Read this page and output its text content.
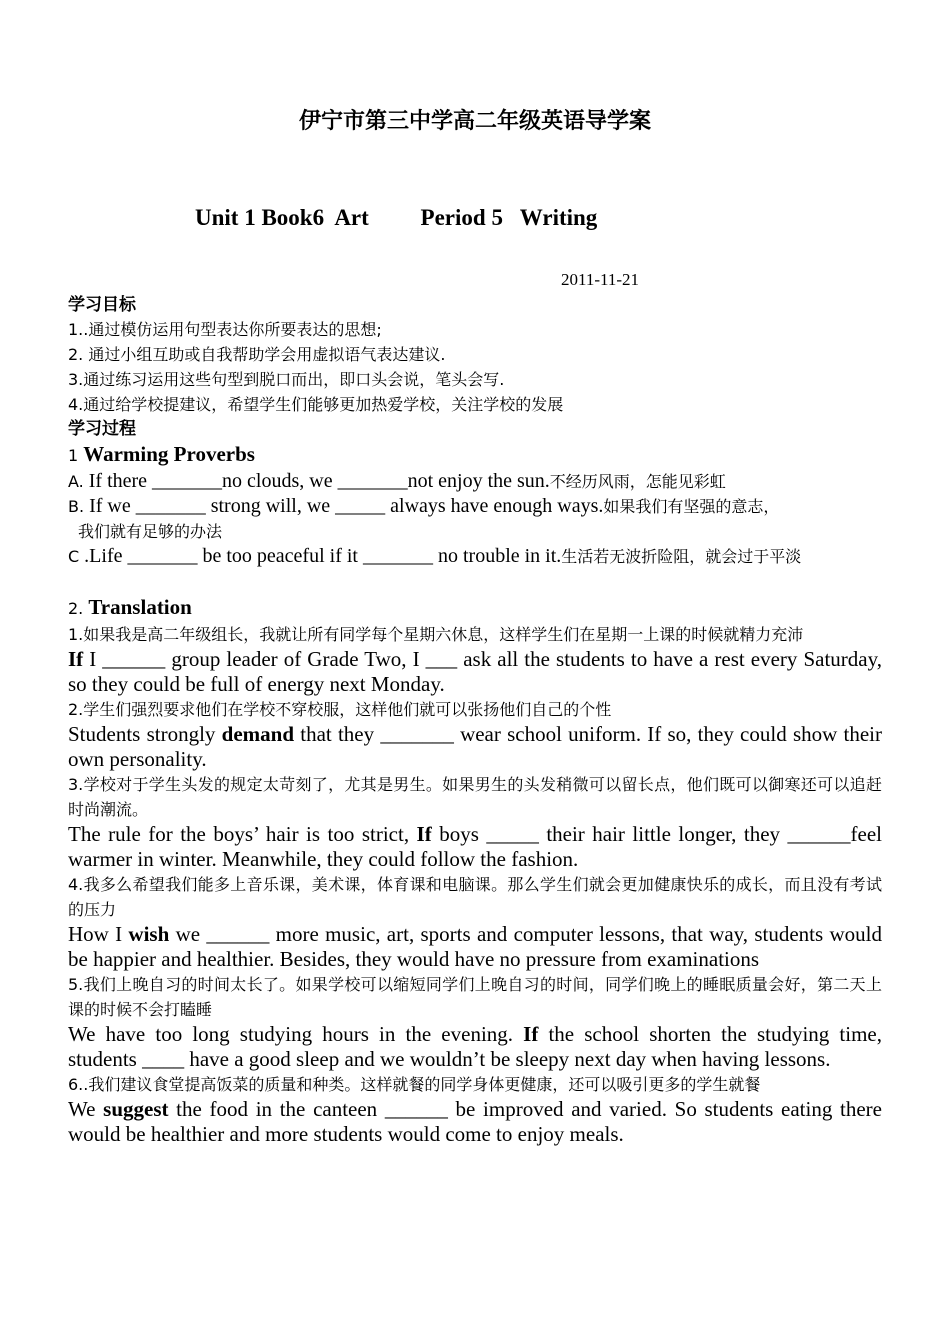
伊宁市第三中学高二年级英语导学案
Unit 1 Book6  Art         Period 5   Writing
2011-11-21
学习目标
1..通过模仿运用句型表达你所要表达的思想;
2. 通过小组互助或自我帮助学会用虚拟语气表达建议.
3.通过练习运用这些句型到脱口而出，即口头会说，笔头会写.
4.通过给学校提建议，希望学生们能够更加热爱学校，关注学校的发展
学习过程
1 Warming Proverbs
A. If there _______no clouds, we _______not enjoy the sun.不经历风雨，怎能见彩虹
B. If we _______ strong will, we _____ always have enough ways.如果我们有坚强的意志，
我们就有足够的办法
C .Life _______ be too peaceful if it _______ no trouble in it.生活若无波折险阻，就会过于平淡
2. Translation
1.如果我是高二年级组长，我就让所有同学每个星期六休息，这样学生们在星期一上课的时候就精力充沛
If I ______ group leader of Grade Two, I ___ ask all the students to have a rest every Saturday, so they could be full of energy next Monday.
2.学生们强烈要求他们在学校不穿校服，这样他们就可以张扬他们自己的个性
Students strongly demand that they _______ wear school uniform. If so, they could show their own personality.
3.学校对于学生头发的规定太苛刻了，尤其是男生。如果男生的头发稍微可以留长点，他们既可以御寒还可以追赶时尚潮流。
The rule for the boys’ hair is too strict, If boys _____ their hair little longer, they ______feel warmer in winter. Meanwhile, they could follow the fashion.
4.我多么希望我们能多上音乐课，美术课，体育课和电脑课。那么学生们就会更加健康快乐的成长，而且没有考试的压力
How I wish we ______ more music, art, sports and computer lessons, that way, students would be happier and healthier. Besides, they would have no pressure from examinations
5.我们上晚自习的时间太长了。如果学校可以缩短同学们上晚自习的时间，同学们晚上的睡眠质量会好，第二天上课的时候不会打瞌睡
We have too long studying hours in the evening. If the school shorten the studying time, students ____ have a good sleep and we wouldn’t be sleepy next day when having lessons.
6..我们建议食堂提高饭菜的质量和种类。这样就餐的同学身体更健康，还可以吸引更多的学生就餐
We suggest the food in the canteen ______ be improved and varied. So students eating there would be healthier and more students would come to enjoy meals.
